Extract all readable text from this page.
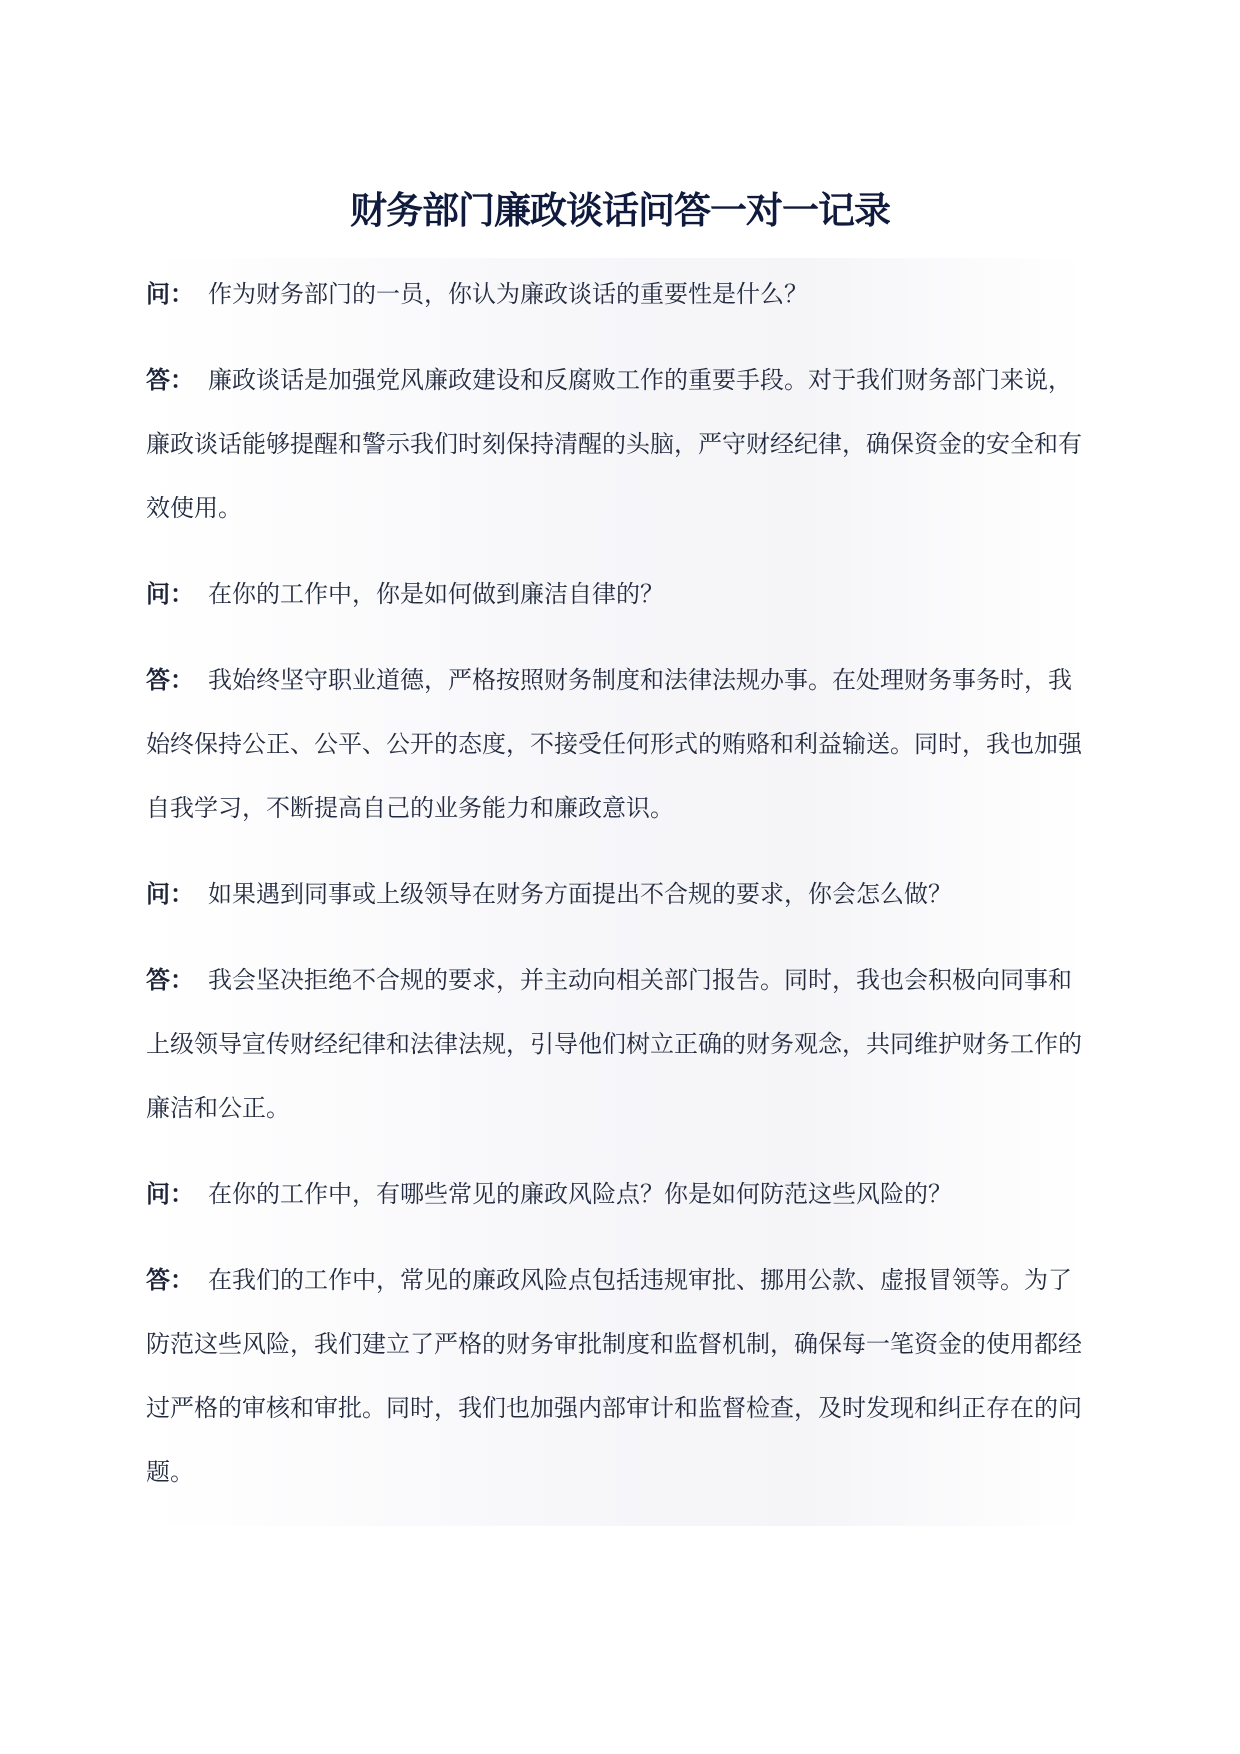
财务部门廉政谈话问答一对一记录

问： 作为财务部门的一员，你认为廉政谈话的重要性是什么？

答： 廉政谈话是加强党风廉政建设和反腐败工作的重要手段。对于我们财务部门来说，廉政谈话能够提醒和警示我们时刻保持清醒的头脑，严守财经纪律，确保资金的安全和有效使用。

问： 在你的工作中，你是如何做到廉洁自律的？

答： 我始终坚守职业道德，严格按照财务制度和法律法规办事。在处理财务事务时，我始终保持公正、公平、公开的态度，不接受任何形式的贿赂和利益输送。同时，我也加强自我学习，不断提高自己的业务能力和廉政意识。

问： 如果遇到同事或上级领导在财务方面提出不合规的要求，你会怎么做？

答： 我会坚决拒绝不合规的要求，并主动向相关部门报告。同时，我也会积极向同事和上级领导宣传财经纪律和法律法规，引导他们树立正确的财务观念，共同维护财务工作的廉洁和公正。

问： 在你的工作中，有哪些常见的廉政风险点？你是如何防范这些风险的？

答： 在我们的工作中，常见的廉政风险点包括违规审批、挪用公款、虚报冒领等。为了防范这些风险，我们建立了严格的财务审批制度和监督机制，确保每一笔资金的使用都经过严格的审核和审批。同时，我们也加强内部审计和监督检查，及时发现和纠正存在的问题。
